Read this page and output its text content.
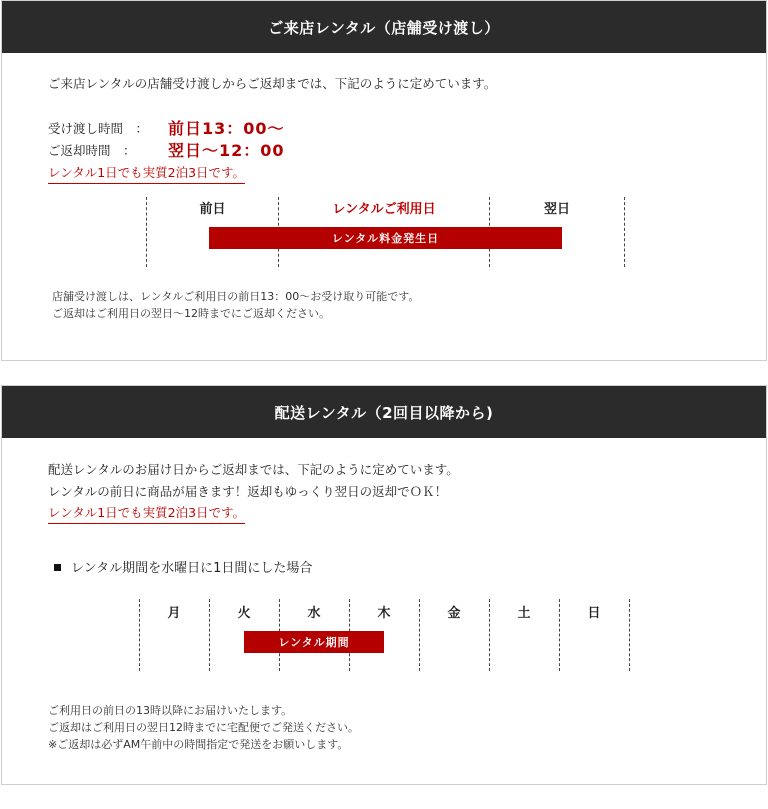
ご来店レンタル（店舗受け渡し）
ご来店レンタルの店舗受け渡しからご返却までは、下記のように定めています。
受け渡し時間　： 前日13：00〜
ご返却時間　： 翌日〜12：00
レンタル1日でも実質2泊3日です。
前日	レンタルご利用日	翌日
レンタル料金発生日
店舗受け渡しは、レンタルご利用日の前日13：00〜お受け取り可能です。
ご返却はご利用日の翌日〜12時までにご返却ください。
配送レンタル（2回目以降から)
配送レンタルのお届け日からご返却までは、下記のように定めています。
レンタルの前日に商品が届きます！返却もゆっくり翌日の返却でＯＫ！
レンタル1日でも実質2泊3日です。
レンタル期間を水曜日に1日間にした場合
月	火	水	木	金	土	日
レンタル期間
ご利用日の前日の13時以降にお届けいたします。
ご返却はご利用日の翌日12時までに宅配便でご発送ください。
※ご返却は必ずAM午前中の時間指定で発送をお願いします。
